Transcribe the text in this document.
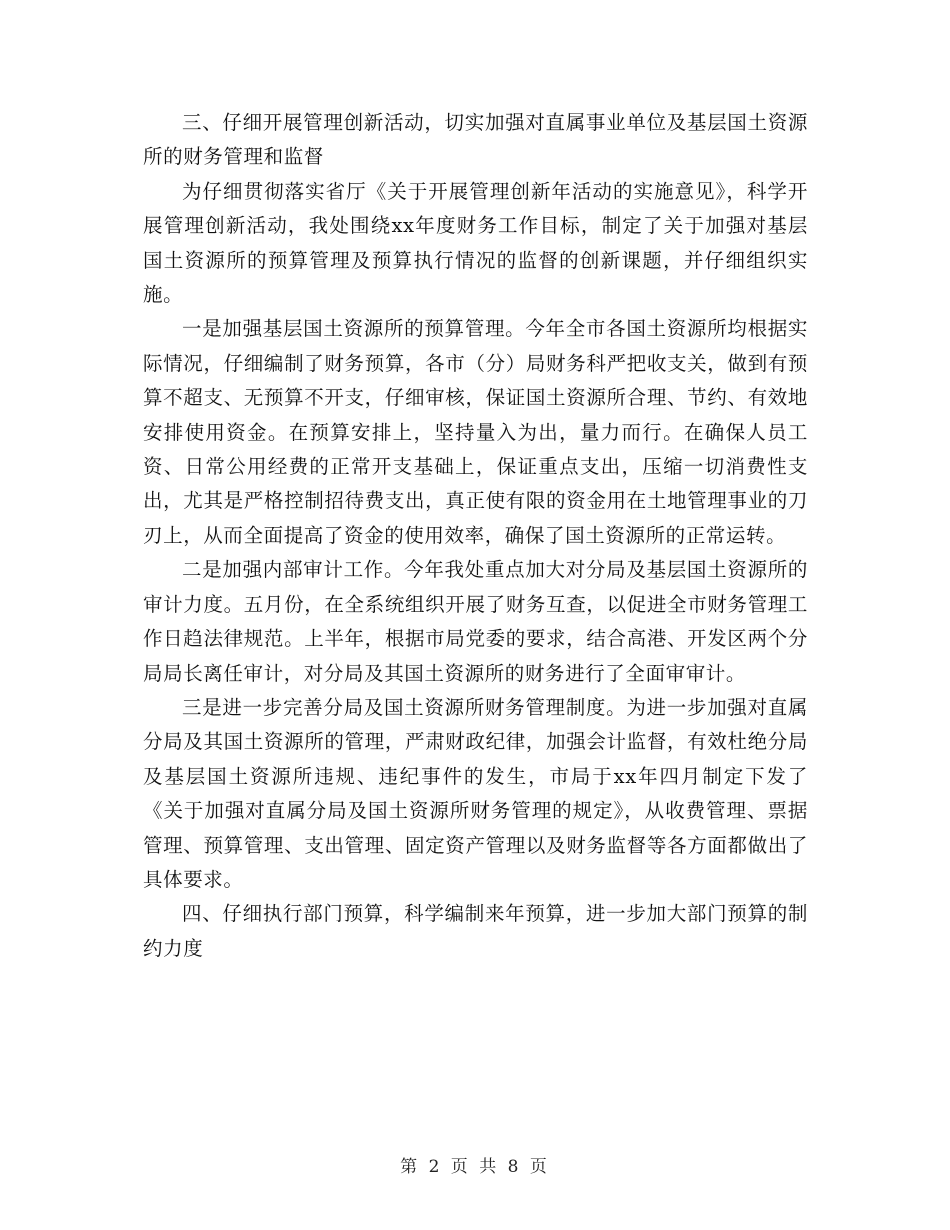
三、仔细开展管理创新活动，切实加强对直属事业单位及基层国土资源所的财务管理和监督

为仔细贯彻落实省厅《关于开展管理创新年活动的实施意见》，科学开展管理创新活动，我处围绕xx年度财务工作目标，制定了关于加强对基层国土资源所的预算管理及预算执行情况的监督的创新课题，并仔细组织实施。

一是加强基层国土资源所的预算管理。今年全市各国土资源所均根据实际情况，仔细编制了财务预算，各市（分）局财务科严把收支关，做到有预算不超支、无预算不开支，仔细审核，保证国土资源所合理、节约、有效地安排使用资金。在预算安排上，坚持量入为出，量力而行。在确保人员工资、日常公用经费的正常开支基础上，保证重点支出，压缩一切消费性支出，尤其是严格控制招待费支出，真正使有限的资金用在土地管理事业的刀刃上，从而全面提高了资金的使用效率，确保了国土资源所的正常运转。

二是加强内部审计工作。今年我处重点加大对分局及基层国土资源所的审计力度。五月份，在全系统组织开展了财务互查，以促进全市财务管理工作日趋法律规范。上半年，根据市局党委的要求，结合高港、开发区两个分局局长离任审计，对分局及其国土资源所的财务进行了全面审审计。

三是进一步完善分局及国土资源所财务管理制度。为进一步加强对直属分局及其国土资源所的管理，严肃财政纪律，加强会计监督，有效杜绝分局及基层国土资源所违规、违纪事件的发生，市局于xx年四月制定下发了《关于加强对直属分局及国土资源所财务管理的规定》，从收费管理、票据管理、预算管理、支出管理、固定资产管理以及财务监督等各方面都做出了具体要求。

四、仔细执行部门预算，科学编制来年预算，进一步加大部门预算的制约力度

第 2 页 共 8 页
